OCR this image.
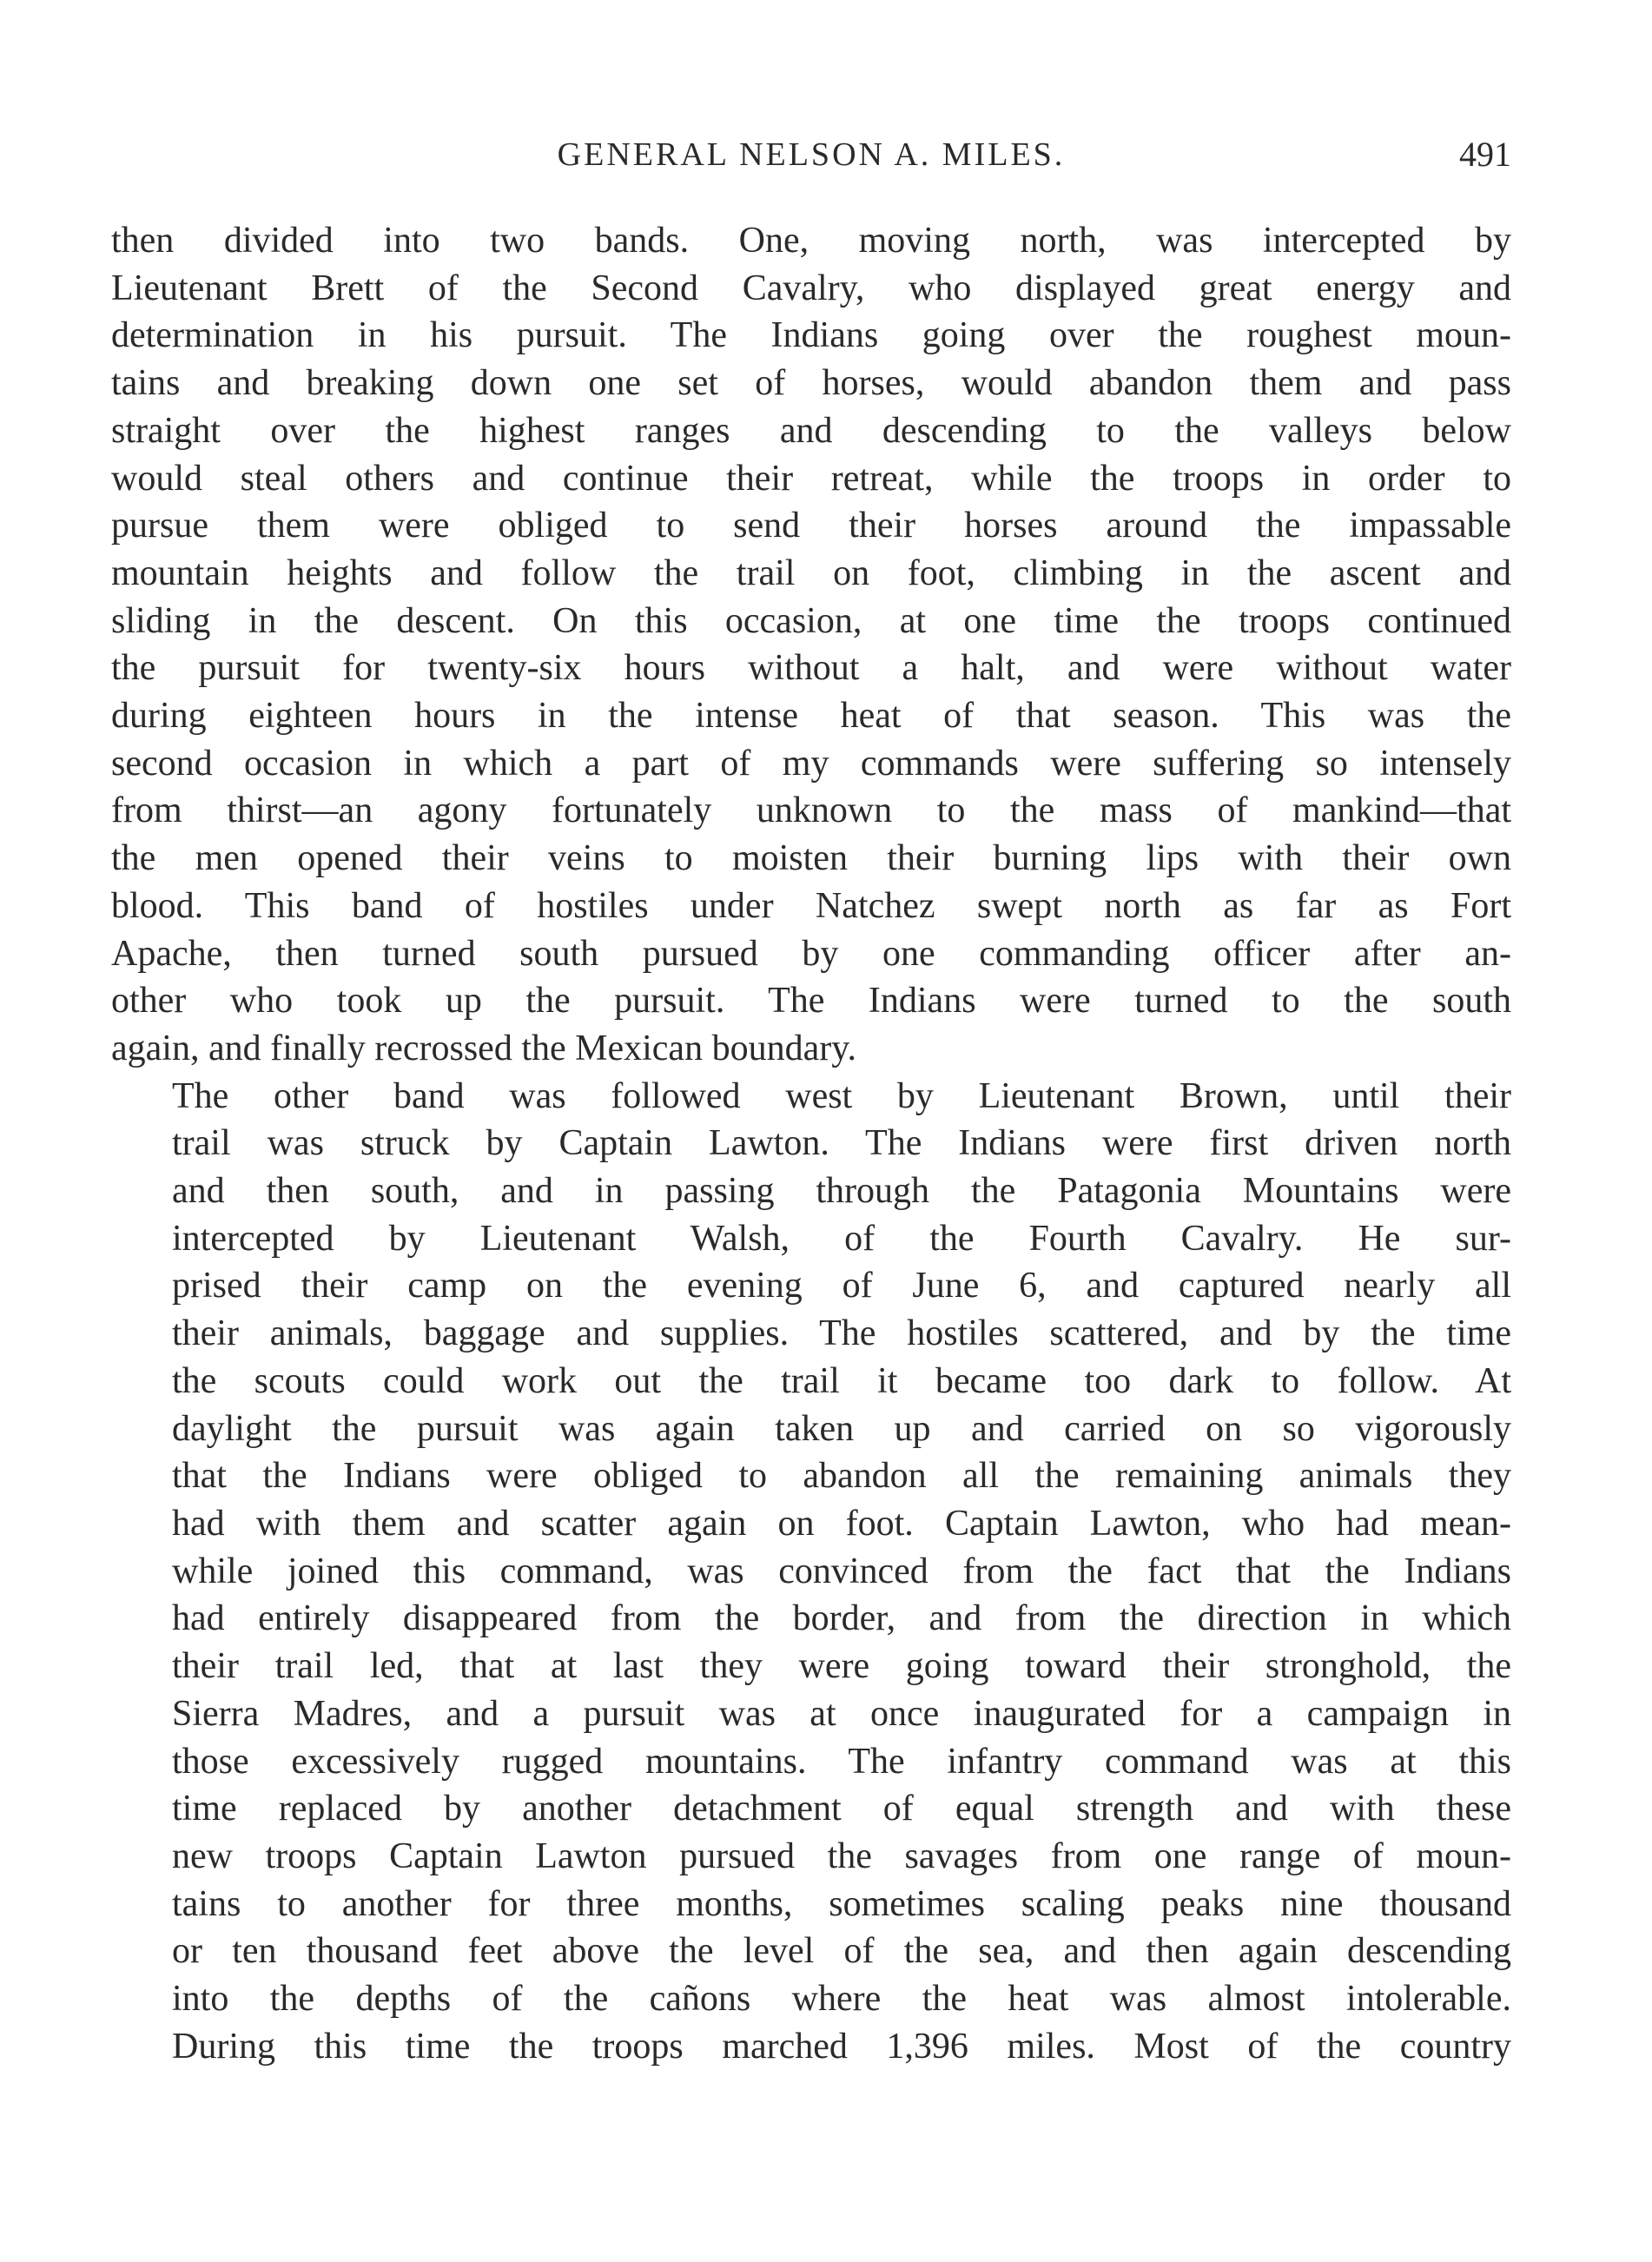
GENERAL NELSON A. MILES.	491

then divided into two bands. One, moving north, was intercepted by
Lieutenant Brett of the Second Cavalry, who displayed great energy and
determination in his pursuit. The Indians going over the roughest moun-
tains and breaking down one set of horses, would abandon them and pass
straight over the highest ranges and descending to the valleys below
would steal others and continue their retreat, while the troops in order to
pursue them were obliged to send their horses around the impassable
mountain heights and follow the trail on foot, climbing in the ascent and
sliding in the descent. On this occasion, at one time the troops continued
the pursuit for twenty-six hours without a halt, and were without water
during eighteen hours in the intense heat of that season. This was the
second occasion in which a part of my commands were suffering so intensely
from thirst—an agony fortunately unknown to the mass of mankind—that
the men opened their veins to moisten their burning lips with their own
blood. This band of hostiles under Natchez swept north as far as Fort
Apache, then turned south pursued by one commanding officer after an-
other who took up the pursuit. The Indians were turned to the south
again, and finally recrossed the Mexican boundary.

The other band was followed west by Lieutenant Brown, until their
trail was struck by Captain Lawton. The Indians were first driven north
and then south, and in passing through the Patagonia Mountains were
intercepted by Lieutenant Walsh, of the Fourth Cavalry. He sur-
prised their camp on the evening of June 6, and captured nearly all
their animals, baggage and supplies. The hostiles scattered, and by the time
the scouts could work out the trail it became too dark to follow. At
daylight the pursuit was again taken up and carried on so vigorously
that the Indians were obliged to abandon all the remaining animals they
had with them and scatter again on foot. Captain Lawton, who had mean-
while joined this command, was convinced from the fact that the Indians
had entirely disappeared from the border, and from the direction in which
their trail led, that at last they were going toward their stronghold, the
Sierra Madres, and a pursuit was at once inaugurated for a campaign in
those excessively rugged mountains. The infantry command was at this
time replaced by another detachment of equal strength and with these
new troops Captain Lawton pursued the savages from one range of moun-
tains to another for three months, sometimes scaling peaks nine thousand
or ten thousand feet above the level of the sea, and then again descending
into the depths of the cañons where the heat was almost intolerable.
During this time the troops marched 1,396 miles. Most of the country
